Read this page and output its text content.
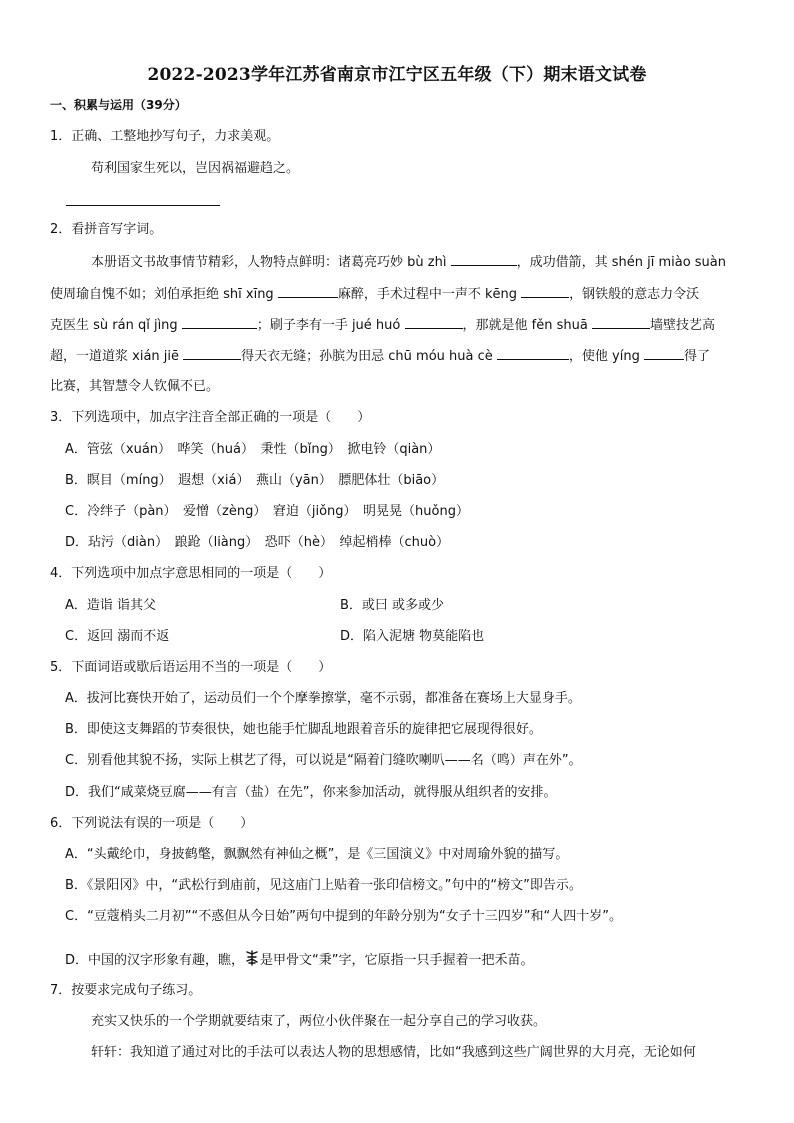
2022-2023学年江苏省南京市江宁区五年级（下）期末语文试卷
一、积累与运用（39分）
1．正确、工整地抄写句子，力求美观。
苟利国家生死以，岂因祸福避趋之。
2．看拼音写字词。
本册语文书故事情节精彩，人物特点鲜明：诸葛亮巧妙 bù zhì	，成功借箭，其 shén jī miào suàn
使周瑜自愧不如；刘伯承拒绝 shī xīng	麻醉，手术过程中一声不 kēng	，钢铁般的意志力令沃
克医生 sù rán qǐ jìng	；刷子李有一手 jué huó	，那就是他 fěn shuā	墙壁技艺高
超，一道道浆 xián jiē	得天衣无缝；孙膑为田忌 chū móu huà cè	，使他 yíng	得了
比赛，其智慧令人钦佩不已。
3．下列选项中，加点字注音全部正确的一项是（　　）
A．管弦（xuán）　哗笑（huá）　秉性（bǐng）　掀电铃（qiàn）
B．瞑目（míng）　遐想（xiá）　燕山（yān）　膘肥体壮（biāo）
C．冷绊子（pàn）　爱憎（zèng）　窘迫（jiǒng）　明晃晃（huǒng）
D．玷污（diàn）　踉跄（liàng）　恐吓（hè）　绰起梢棒（chuò）
4．下列选项中加点字意思相同的一项是（　　）
A．造诣 诣其父	B．或曰 或多或少
C．返回 溺而不返	D．陷入泥塘 物莫能陷也
5．下面词语或歇后语运用不当的一项是（　　）
A．拔河比赛快开始了，运动员们一个个摩拳擦掌，毫不示弱，都准备在赛场上大显身手。
B．即使这支舞蹈的节奏很快，她也能手忙脚乱地跟着音乐的旋律把它展现得很好。
C．别看他其貌不扬，实际上棋艺了得，可以说是“隔着门缝吹喇叭——名（鸣）声在外”。
D．我们“咸菜烧豆腐——有言（盐）在先”，你来参加活动，就得服从组织者的安排。
6．下列说法有误的一项是（　　）
A．“头戴纶巾，身披鹤氅，飘飘然有神仙之概”，是《三国演义》中对周瑜外貌的描写。
B．《景阳冈》中，“武松行到庙前，见这庙门上贴着一张印信榜文。”句中的“榜文”即告示。
C．“豆蔻梢头二月初”“不惑但从今日始”两句中提到的年龄分别为“女子十三四岁”和“人四十岁”。
D．中国的汉字形象有趣，瞧， 是甲骨文“秉”字，它原指一只手握着一把禾苗。
7．按要求完成句子练习。
充实又快乐的一个学期就要结束了，两位小伙伴聚在一起分享自己的学习收获。
轩轩：我知道了通过对比的手法可以表达人物的思想感情，比如“我感到这些广阔世界的大月亮，无论如何
